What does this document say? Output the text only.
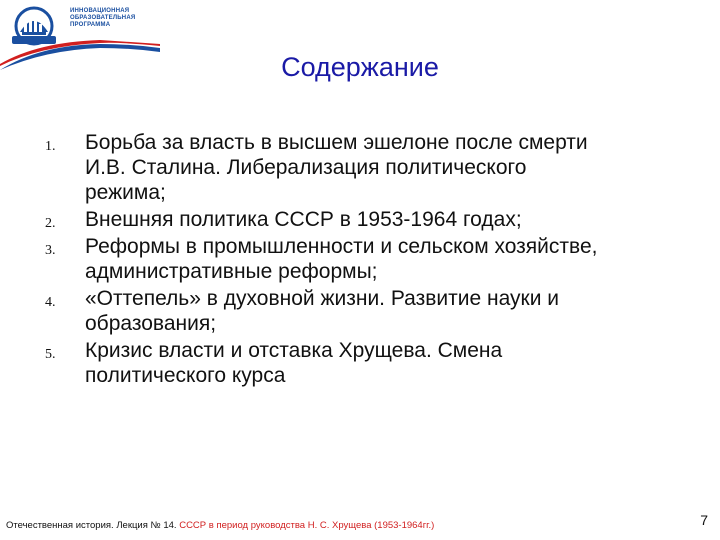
ИННОВАЦИОННАЯ
ОБРАЗОВАТЕЛЬНАЯ
ПРОГРАММА
Содержание
1. Борьба за власть в высшем эшелоне после смерти
И.В. Сталина. Либерализация политического
режима;
2. Внешняя политика СССР в 1953-1964 годах;
3. Реформы в промышленности и сельском хозяйстве,
административные реформы;
4. «Оттепель» в духовной жизни. Развитие науки и
образования;
5. Кризис власти и отставка Хрущева. Смена
политического курса
Отечественная история. Лекция № 14. СССР в период руководства Н. С. Хрущева (1953-1964гг.)	7
